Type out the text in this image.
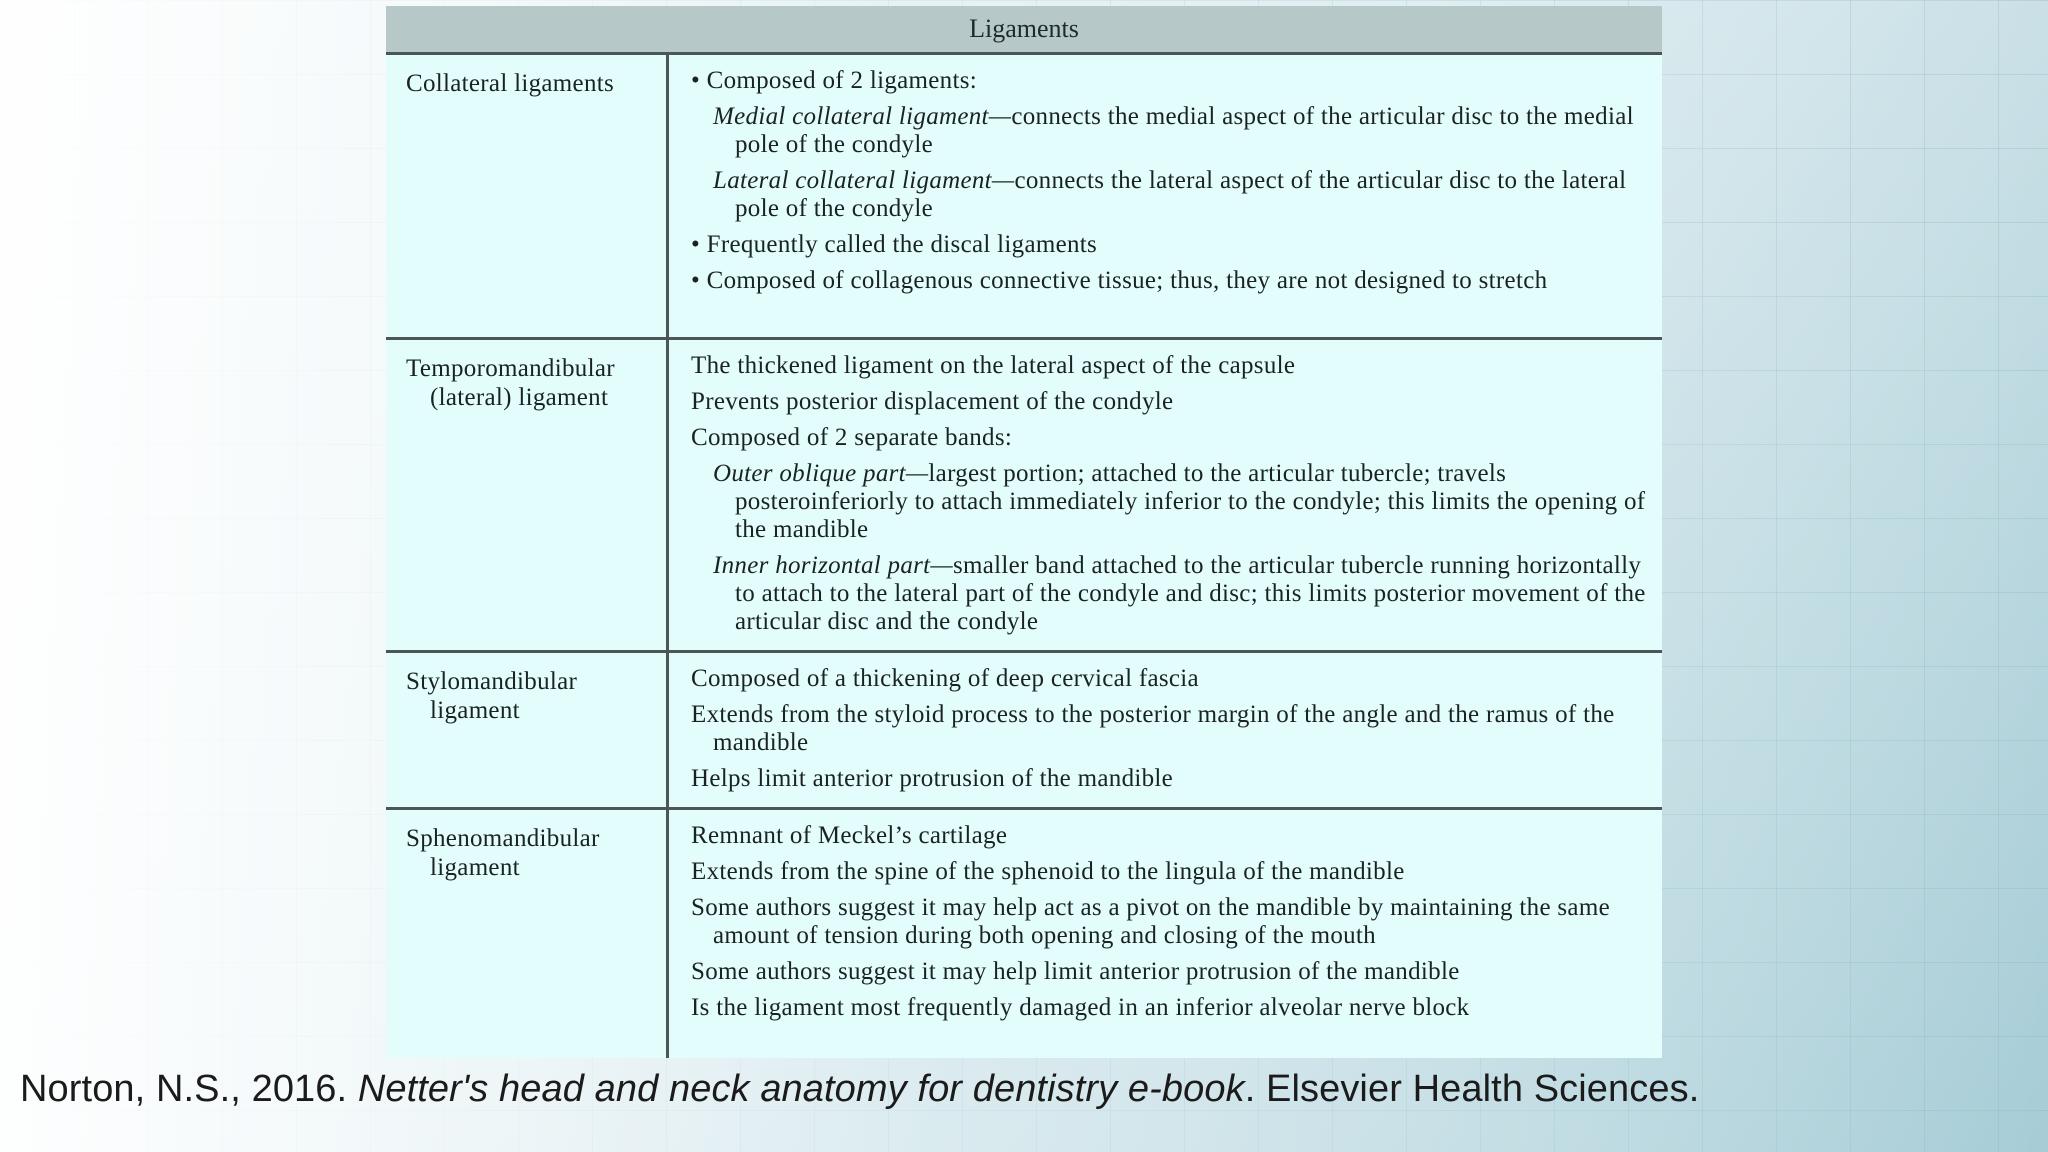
Ligaments
Collateral ligaments	• Composed of 2 ligaments:
Medial collateral ligament—connects the medial aspect of the articular disc to the medial pole of the condyle
Lateral collateral ligament—connects the lateral aspect of the articular disc to the lateral pole of the condyle
• Frequently called the discal ligaments
• Composed of collagenous connective tissue; thus, they are not designed to stretch
Temporomandibular
(lateral) ligament
The thickened ligament on the lateral aspect of the capsule
Prevents posterior displacement of the condyle
Composed of 2 separate bands:
Outer oblique part—largest portion; attached to the articular tubercle; travels posteroinferiorly to attach immediately inferior to the condyle; this limits the opening of the mandible
Inner horizontal part—smaller band attached to the articular tubercle running horizontally to attach to the lateral part of the condyle and disc; this limits posterior movement of the articular disc and the condyle
Stylomandibular
ligament
Composed of a thickening of deep cervical fascia
Extends from the styloid process to the posterior margin of the angle and the ramus of the mandible
Helps limit anterior protrusion of the mandible
Sphenomandibular
ligament
Remnant of Meckel’s cartilage
Extends from the spine of the sphenoid to the lingula of the mandible
Some authors suggest it may help act as a pivot on the mandible by maintaining the same amount of tension during both opening and closing of the mouth
Some authors suggest it may help limit anterior protrusion of the mandible
Is the ligament most frequently damaged in an inferior alveolar nerve block
Norton, N.S., 2016. Netter's head and neck anatomy for dentistry e-book. Elsevier Health Sciences.
